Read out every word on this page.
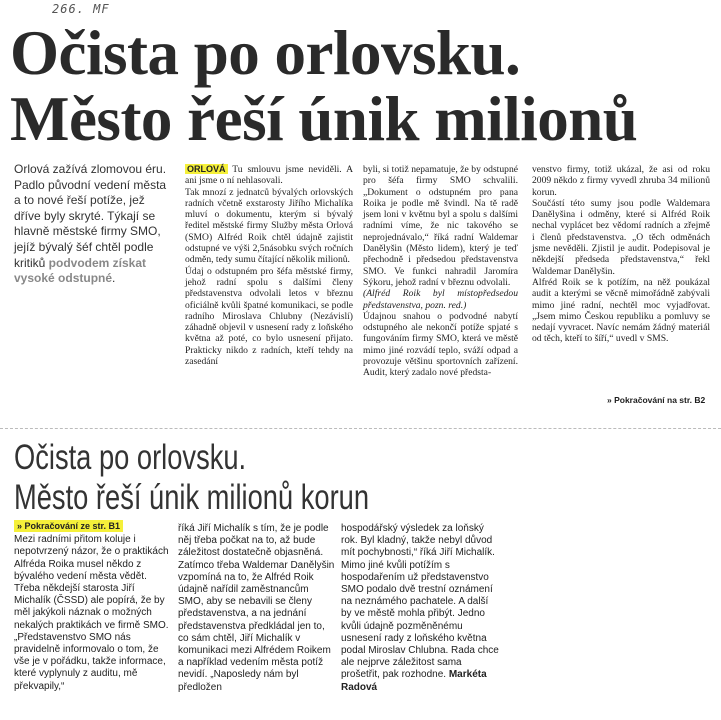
266. MF
Očista po orlovsku.
Město řeší únik milionů
Orlová zažívá zlomovou éru. Padlo původní vedení města a to nové řeší potíže, jež dříve byly skryté. Týkají se hlavně městské firmy SMO, jejíž bývalý šéf chtěl podle kritiků podvodem získat vysoké odstupné.

ORLOVÁ Tu smlouvu jsme neviděli. A ani jsme o ní nehlasovali.

Tak mnozí z jednatců bývalých orlovských radních včetně exstarosty Jiřího Michalíka mluví o dokumentu, kterým si bývalý ředitel městské firmy Služby města Orlová (SMO) Alfréd Roik chtěl údajně zajistit odstupné ve výši 2,5násobku svých ročních odměn, tedy sumu čítající několik milionů.

Údaj o odstupném pro šéfa městské firmy, jehož radní spolu s dalšími členy představenstva odvolali letos v březnu oficiálně kvůli špatné komunikaci, se podle radního Miroslava Chlubny (Nezávislí) záhadně objevil v usnesení rady z loňského května až poté, co bylo usnesení přijato. Prakticky nikdo z radních, kteří tehdy na zasedání

byli, si totiž nepamatuje, že by odstupné pro šéfa firmy SMO schvalili. „Dokument o odstupném pro pana Roika je podle mě švindl. Na tě radě jsem loni v květnu byl a spolu s dalšími radními víme, že nic takového se neprojednávalo,“ říká radní Waldemar Danělyšin (Město lidem), který je teď přechodně i předsedou představenstva SMO. Ve funkci nahradil Jaromíra Sýkoru, jehož radní v březnu odvolali.

(Alfréd Roik byl místopředsedou představenstva, pozn. red.)

Údajnou snahou o podvodné nabytí odstupného ale nekončí potíže spjaté s fungováním firmy SMO, která ve městě mimo jiné rozvádí teplo, sváží odpad a provozuje většinu sportovních zařízení. Audit, který zadalo nové předsta-

venstvo firmy, totiž ukázal, že asi od roku 2009 někdo z firmy vyvedl zhruba 34 milionů korun.

Součástí této sumy jsou podle Waldemara Danělyšina i odměny, které si Alfréd Roik nechal vyplácet bez vědomí radních a zřejmě i členů představenstva. „O těch odměnách jsme nevěděli. Zjistil je audit. Podepisoval je někdejší předseda představenstva,“ řekl Waldemar Danělyšin.

Alfréd Roik se k potížím, na něž poukázal audit a kterými se věcně mimořádně zabývali mimo jiné radní, nechtěl moc vyjadřovat. „Jsem mimo Českou republiku a pomluvy se nedají vyvracet. Navíc nemám žádný materiál od těch, kteří to šíří,“ uvedl v SMS.

» Pokračování na str. B2
Očista po orlovsku.
Město řeší únik milionů korun
» Pokračování ze str. B1

Mezi radními přitom koluje i nepotvrzený názor, že o praktikách Alfréda Roika musel někdo z bývalého vedení města vědět.

Třeba někdejší starosta Jiří Michalík (ČSSD) ale popírá, že by měl jakýkoli náznak o možných nekalých praktikách ve firmě SMO.

„Představenstvo SMO nás pravidelně informovalo o tom, že vše je v pořádku, takže informace, které vyplynuly z auditu, mě překvapily,“

říká Jiří Michalík s tím, že je podle něj třeba počkat na to, až bude záležitost dostatečně objasněná.

Zatímco třeba Waldemar Danělyšin vzpomíná na to, že Alfréd Roik údajně nařídil zaměstnancům SMO, aby se nebavili se členy představenstva, a na jednání představenstva předkládal jen to, co sám chtěl, Jiří Michalík v komunikaci mezi Alfrédem Roikem a například vedením města potíž nevidí. „Naposledy nám byl předložen

hospodářský výsledek za loňský rok. Byl kladný, takže nebyl důvod mít pochybnosti,“ říká Jiří Michalík. Mimo jiné kvůli potížím s hospodařením už představenstvo SMO podalo dvě trestní oznámení na neznámého pachatele. A další by ve městě mohla přibýt. Jedno kvůli údajně pozměněnému usnesení rady z loňského května podal Miroslav Chlubna. Rada chce ale nejprve záležitost sama prošetřit, pak rozhodne. Markéta Radová
